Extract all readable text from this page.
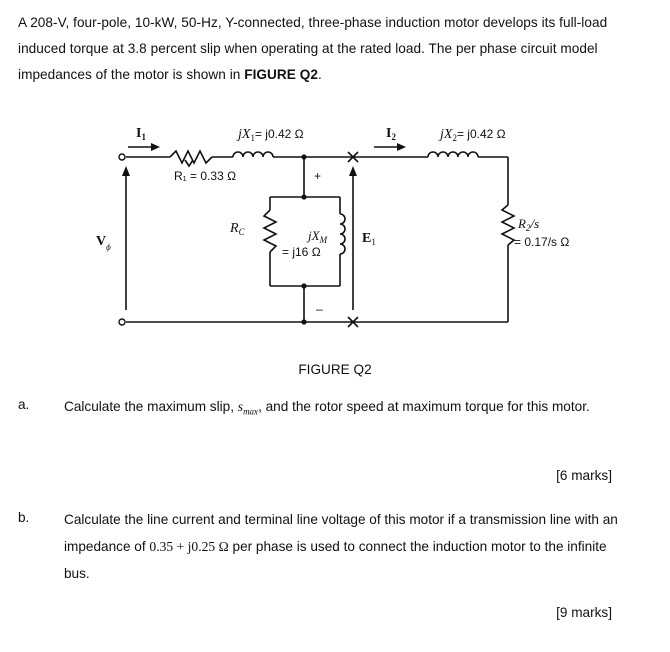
A 208-V, four-pole, 10-kW, 50-Hz, Y-connected, three-phase induction motor develops its full-load induced torque at 3.8 percent slip when operating at the rated load. The per phase circuit model impedances of the motor is shown in FIGURE Q2.
$I_1$	$I_2$
jX1= j0.42 Ω	jX2= j0.42 Ω
R₁ = 0.33 Ω
RC	jXM
= j16 Ω
+
–
E1
$V_\phi$
R2/s
= 0.17/s Ω
FIGURE Q2
a.	Calculate the maximum slip, $s_{max}$, and the rotor speed at maximum torque for this motor.
[6 marks]
b.	Calculate the line current and terminal line voltage of this motor if a transmission line with an impedance of 0.35 + j0.25 Ω per phase is used to connect the induction motor to the infinite bus.
[9 marks]
